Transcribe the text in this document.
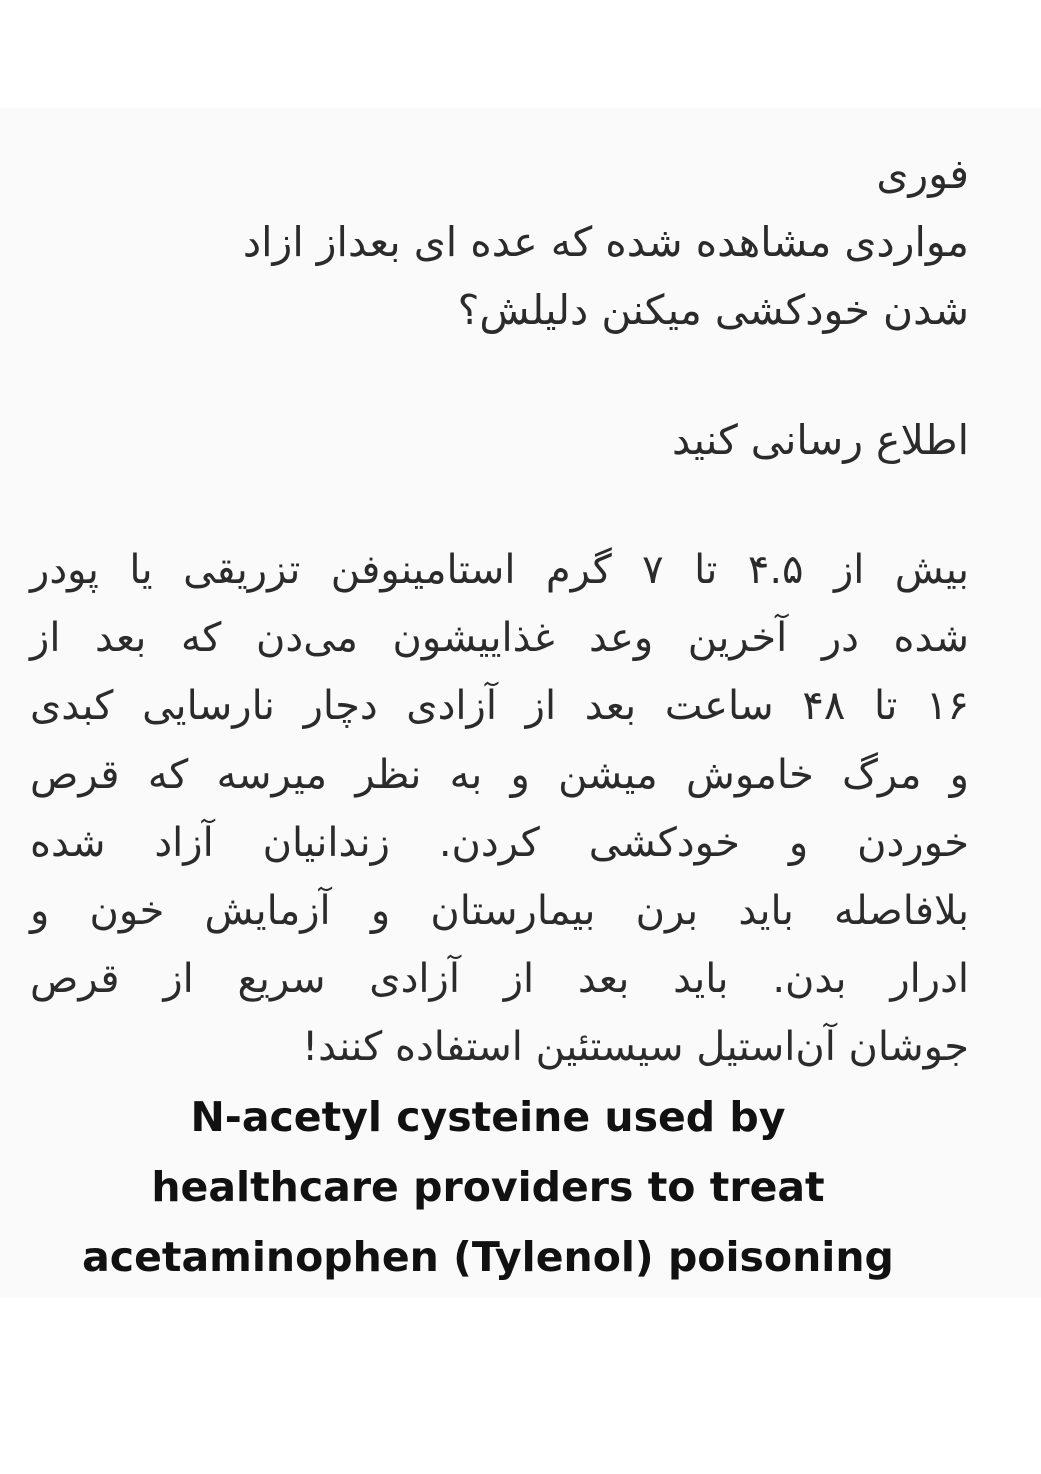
فوری
مواردی مشاهده شده که عده ای بعداز ازاد
شدن خودکشی میکنن دلیلش؟
اطلاع رسانی کنید
بیش از ۴.۵ تا ۷ گرم استامینوفن تزریقی یا پودر
شده در آخرین وعد غذاییشون می‌دن که بعد از
۱۶ تا ۴۸ ساعت بعد از آزادی دچار نارسایی کبدی
و مرگ خاموش میشن و به نظر میرسه که قرص
خوردن و خودکشی کردن. زندانیان آزاد شده
بلافاصله باید برن بیمارستان و آزمایش خون و
ادرار بدن. باید بعد از آزادی سریع از قرص
جوشان آن‌استیل سیستئین استفاده کنند!
N-acetyl cysteine used by
healthcare providers to treat
acetaminophen (Tylenol) poisoning
